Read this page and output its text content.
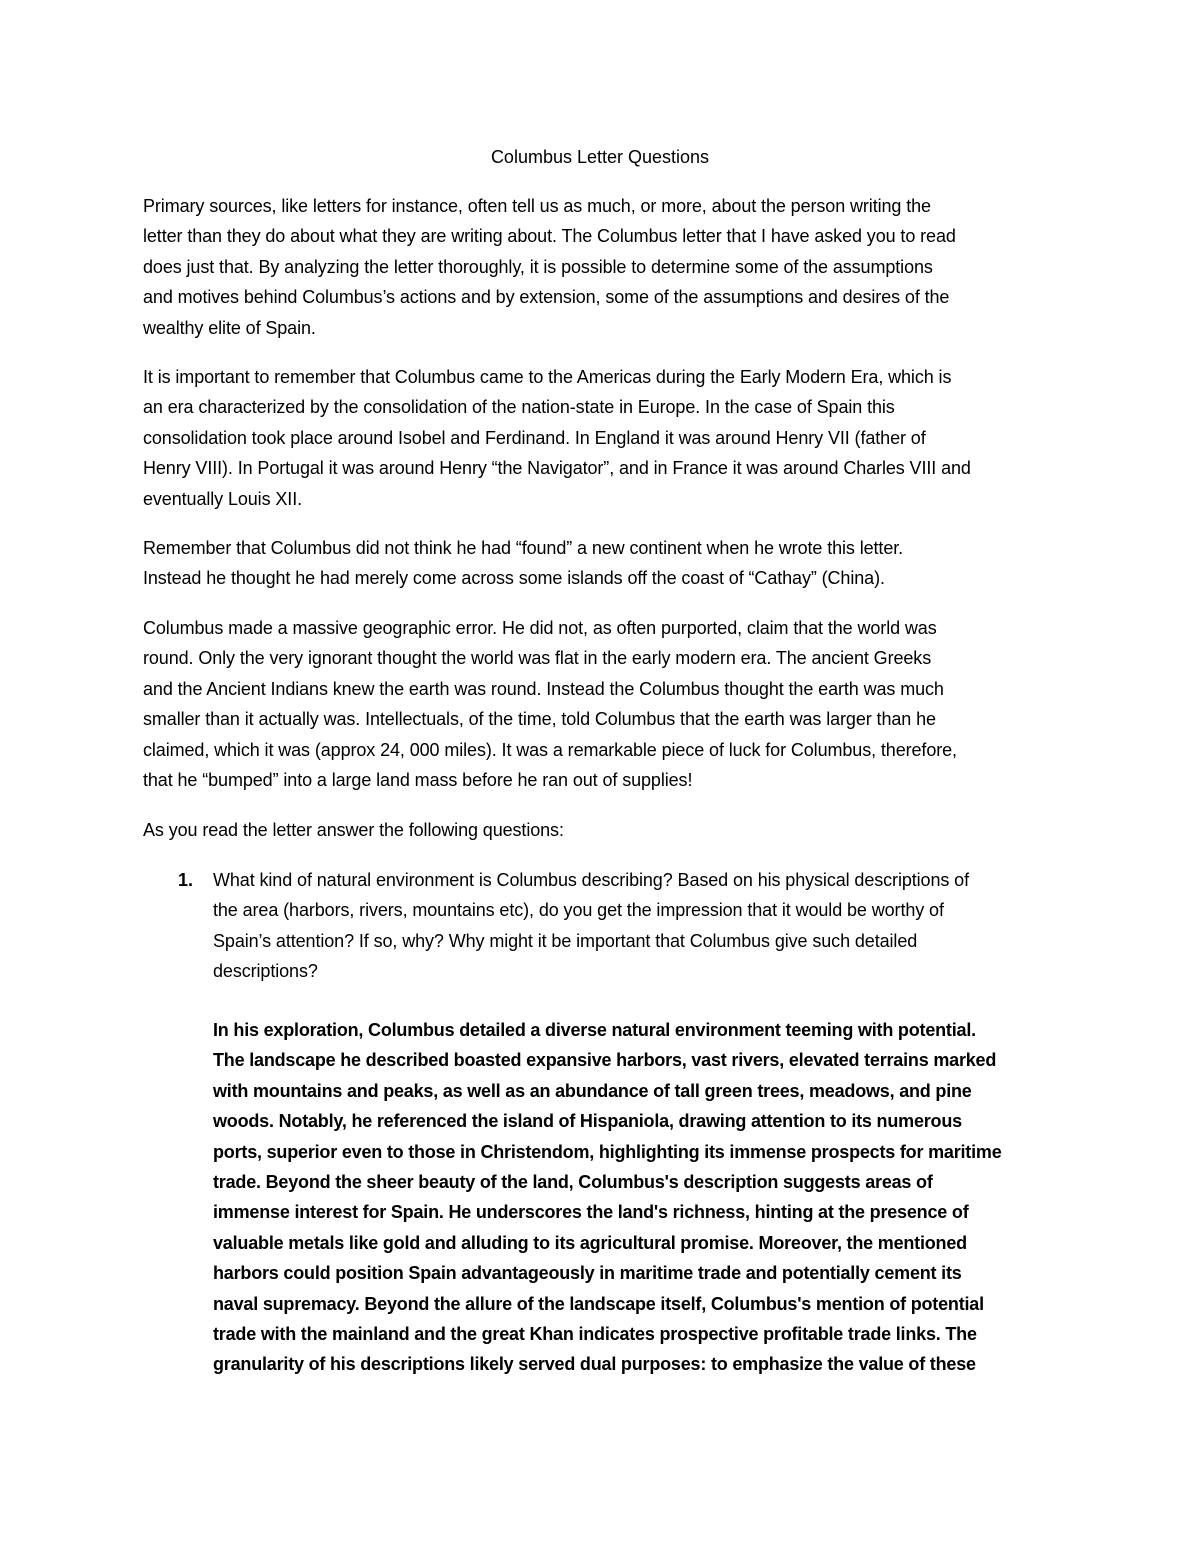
Columbus Letter Questions

Primary sources, like letters for instance, often tell us as much, or more, about the person writing the
letter than they do about what they are writing about. The Columbus letter that I have asked you to read
does just that. By analyzing the letter thoroughly, it is possible to determine some of the assumptions
and motives behind Columbus’s actions and by extension, some of the assumptions and desires of the
wealthy elite of Spain.

It is important to remember that Columbus came to the Americas during the Early Modern Era, which is
an era characterized by the consolidation of the nation-state in Europe. In the case of Spain this
consolidation took place around Isobel and Ferdinand. In England it was around Henry VII (father of
Henry VIII). In Portugal it was around Henry “the Navigator”, and in France it was around Charles VIII and
eventually Louis XII.

Remember that Columbus did not think he had “found” a new continent when he wrote this letter.
Instead he thought he had merely come across some islands off the coast of “Cathay” (China).

Columbus made a massive geographic error. He did not, as often purported, claim that the world was
round. Only the very ignorant thought the world was flat in the early modern era. The ancient Greeks
and the Ancient Indians knew the earth was round. Instead the Columbus thought the earth was much
smaller than it actually was. Intellectuals, of the time, told Columbus that the earth was larger than he
claimed, which it was (approx 24, 000 miles). It was a remarkable piece of luck for Columbus, therefore,
that he “bumped” into a large land mass before he ran out of supplies!

As you read the letter answer the following questions:

1. What kind of natural environment is Columbus describing? Based on his physical descriptions of
the area (harbors, rivers, mountains etc), do you get the impression that it would be worthy of
Spain’s attention? If so, why? Why might it be important that Columbus give such detailed
descriptions?

In his exploration, Columbus detailed a diverse natural environment teeming with potential.
The landscape he described boasted expansive harbors, vast rivers, elevated terrains marked
with mountains and peaks, as well as an abundance of tall green trees, meadows, and pine
woods. Notably, he referenced the island of Hispaniola, drawing attention to its numerous
ports, superior even to those in Christendom, highlighting its immense prospects for maritime
trade. Beyond the sheer beauty of the land, Columbus's description suggests areas of
immense interest for Spain. He underscores the land's richness, hinting at the presence of
valuable metals like gold and alluding to its agricultural promise. Moreover, the mentioned
harbors could position Spain advantageously in maritime trade and potentially cement its
naval supremacy. Beyond the allure of the landscape itself, Columbus's mention of potential
trade with the mainland and the great Khan indicates prospective profitable trade links. The
granularity of his descriptions likely served dual purposes: to emphasize the value of these
